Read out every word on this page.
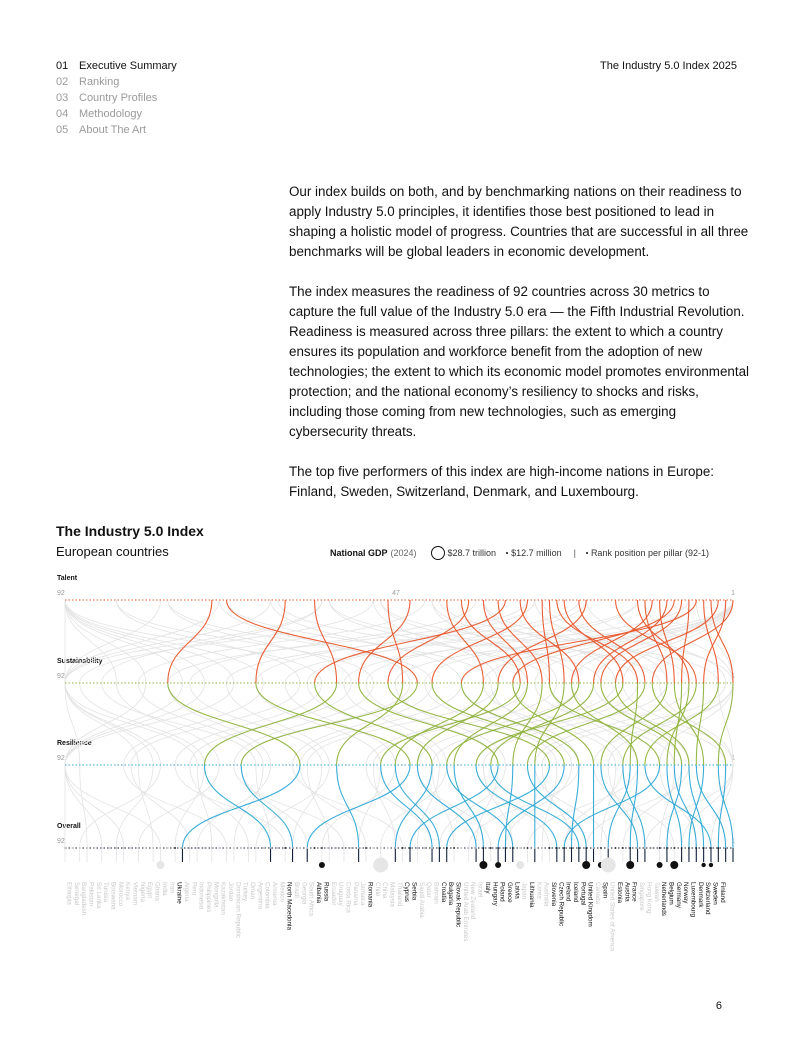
01 Executive Summary
02 Ranking
03 Country Profiles
04 Methodology
05 About The Art
The Industry 5.0 Index 2025

Our index builds on both, and by benchmarking nations on their readiness to apply Industry 5.0 principles, it identifies those best positioned to lead in shaping a holistic model of progress. Countries that are successful in all three benchmarks will be global leaders in economic development.

The index measures the readiness of 92 countries across 30 metrics to capture the full value of the Industry 5.0 era — the Fifth Industrial Revolution. Readiness is measured across three pillars: the extent to which a country ensures its population and workforce benefit from the adoption of new technologies; the extent to which its economic model promotes environmental protection; and the national economy’s resiliency to shocks and risks, including those coming from new technologies, such as emerging cybersecurity threats.

The top five performers of this index are high-income nations in Europe: Finland, Sweden, Switzerland, Denmark, and Luxembourg.

The Industry 5.0 Index
European countries	National GDP (2024)	$28.7 trillion $12.7 million | Rank position per pillar (92-1)
Talent
92	1
47
Sustainability
92	1
Resilience
92	1
Overall
92	1
Ethiopia Senegal Bangladesh Pakistan Sri Lanka Tunisia Botswana Morocco Kenya Vietnam Nigeria Egypt Ghana India Iran Ukraine Algeria Peru Indonesia Philippines Mongolia Kazakhstan Jordan Dominican Republic Turkey Oman Argentina Colombia Armenia Mexico North Macedonia Brazil Georgia South Africa Albania Russia Ecuador Uruguay Costa Rica Panama Jamaica Romania Chile China Malaysia Thailand Cyprus Serbia Saudi Arabia Qatar Bahrain Croatia Bulgaria Slovak Republic United Arab Emirates New Zealand Israel Italy Hungary Poland Greece Latvia Japan Lithuania Korea Australia Slovenia Czech Republic Ireland Iceland Portugal United Kingdom Canada Spain United States of America Estonia Austria France Singapore Hong Kong Taiwan Netherlands Belgium Germany Norway Luxembourg Denmark Switzerland Sweden Finland
6
